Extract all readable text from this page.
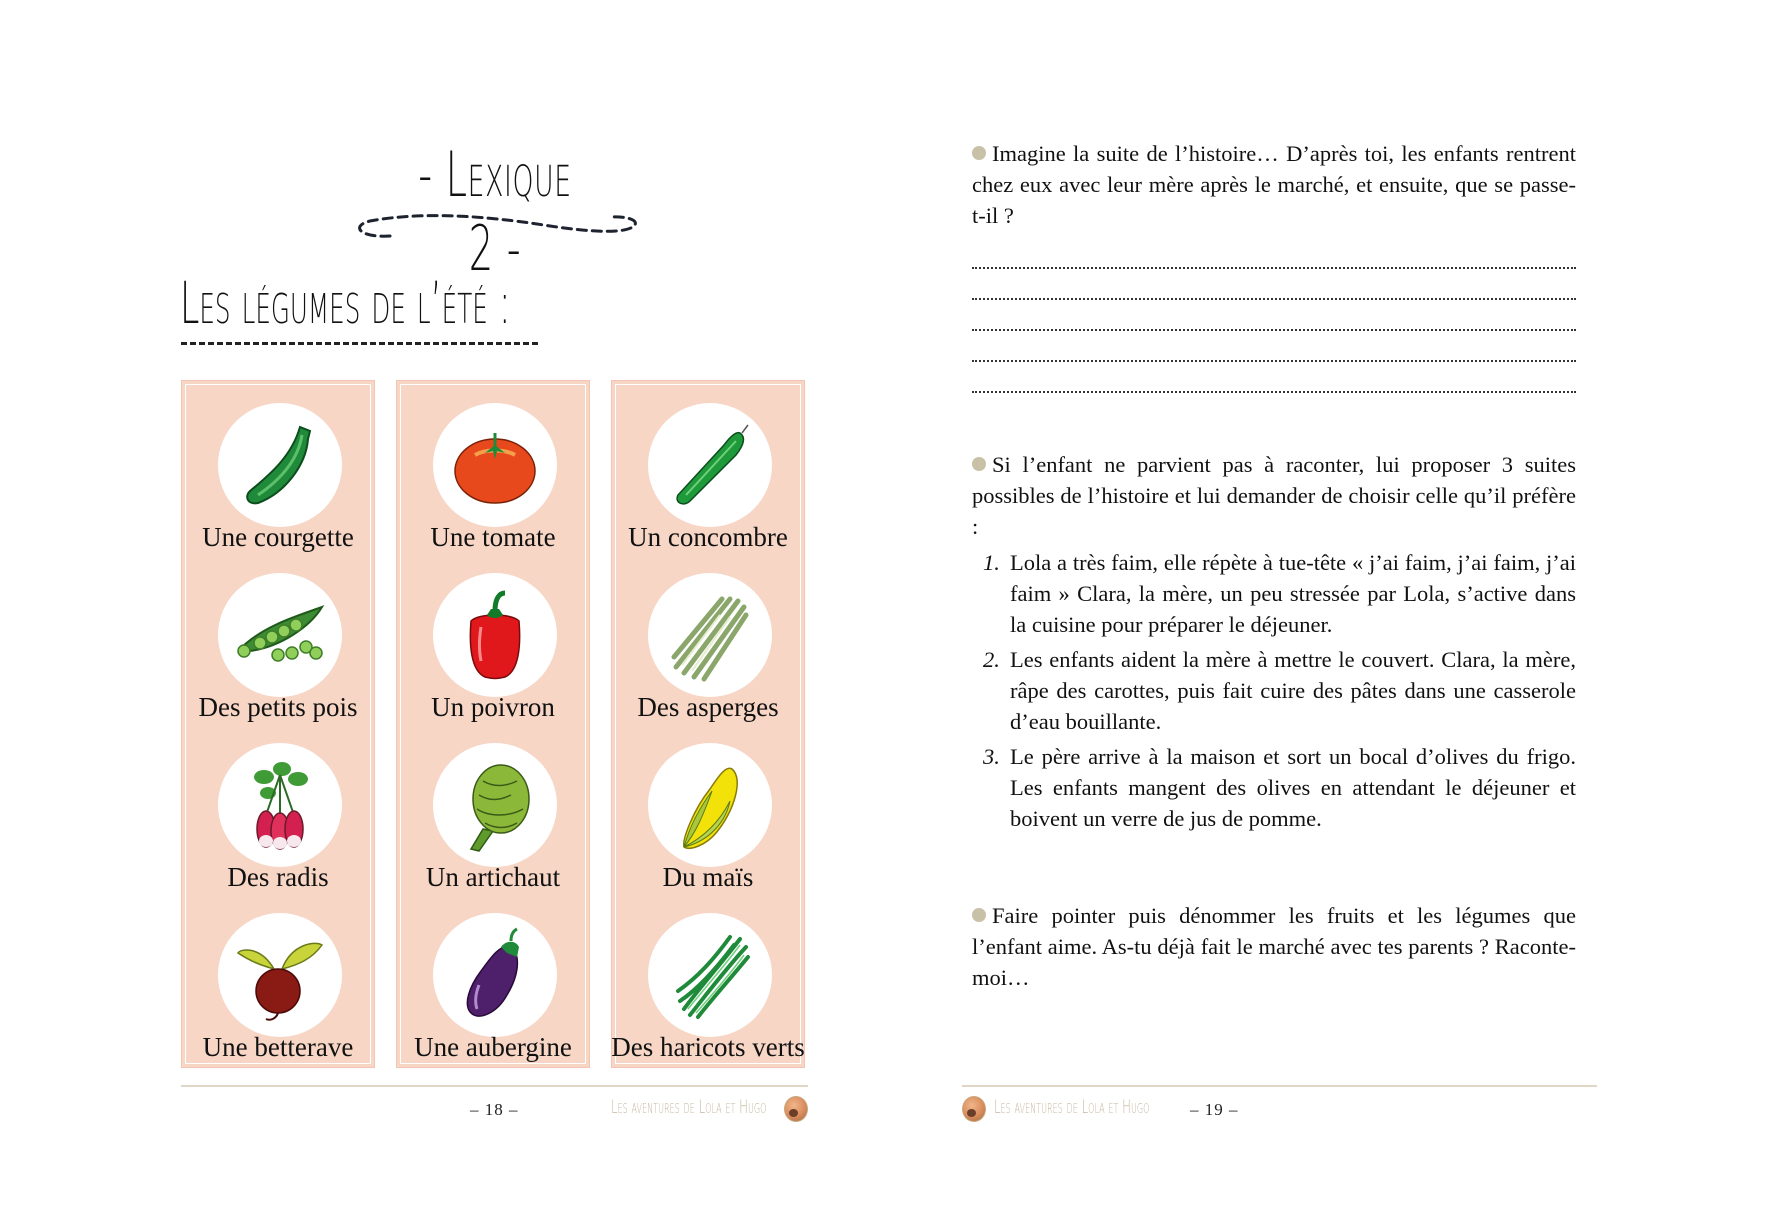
- Lexique 2 -
Les légumes de l’été :
Une courgette
Des petits pois
Des radis
Une betterave
Une tomate
Un poivron
Un artichaut
Une aubergine
Un concombre
Des asperges
Du maïs
Des haricots verts
– 18 –	Les aventures de Lola et Hugo
Imagine la suite de l’histoire… D’après toi, les enfants rentrent chez eux avec leur mère après le marché, et ensuite, que se passe-t-il ?
Si l’enfant ne parvient pas à raconter, lui proposer 3 suites possibles de l’histoire et lui demander de choisir celle qu’il préfère :
1. Lola a très faim, elle répète à tue-tête « j’ai faim, j’ai faim, j’ai faim » Clara, la mère, un peu stressée par Lola, s’active dans la cuisine pour préparer le déjeuner.
2. Les enfants aident la mère à mettre le couvert. Clara, la mère, râpe des carottes, puis fait cuire des pâtes dans une casserole d’eau bouillante.
3. Le père arrive à la maison et sort un bocal d’olives du frigo. Les enfants mangent des olives en attendant le déjeuner et boivent un verre de jus de pomme.
Faire pointer puis dénommer les fruits et les légumes que l’enfant aime. As-tu déjà fait le marché avec tes parents ? Raconte-moi…
Les aventures de Lola et Hugo – 19 –
